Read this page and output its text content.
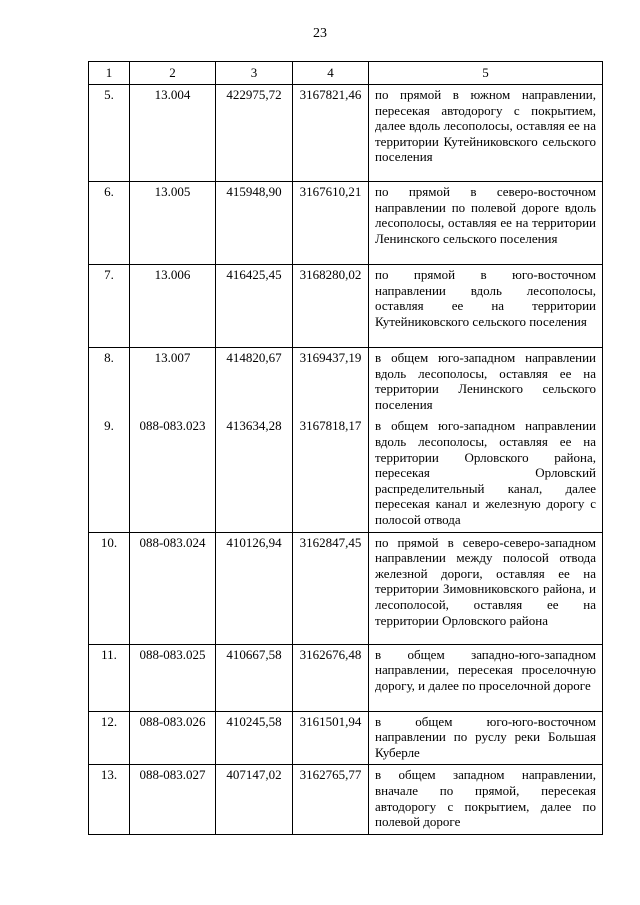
23
1	2	3	4	5
5.	13.004	422975,72	3167821,46	по прямой в южном направлении, пересекая автодорогу с покрытием, далее вдоль лесополосы, оставляя ее на территории Кутейниковского сельского поселения
6.	13.005	415948,90	3167610,21	по прямой в северо-восточном направлении по полевой дороге вдоль лесополосы, оставляя ее на территории Ленинского сельского поселения
7.	13.006	416425,45	3168280,02	по прямой в юго-восточном направлении вдоль лесополосы, оставляя ее на территории Кутейниковского сельского поселения
8.	13.007	414820,67	3169437,19	в общем юго-западном направлении вдоль лесополосы, оставляя ее на территории Ленинского сельского поселения
9.	088-083.023	413634,28	3167818,17	в общем юго-западном направлении вдоль лесополосы, оставляя ее на территории Орловского района, пересекая Орловский распределительный канал, далее пересекая канал и железную дорогу с полосой отвода
10.	088-083.024	410126,94	3162847,45	по прямой в северо-северо-западном направлении между полосой отвода железной дороги, оставляя ее на территории Зимовниковского района, и лесополосой, оставляя ее на территории Орловского района
11.	088-083.025	410667,58	3162676,48	в общем западно-юго-западном направлении, пересекая проселочную дорогу, и далее по проселочной дороге
12.	088-083.026	410245,58	3161501,94	в общем юго-юго-восточном направлении по руслу реки Большая Куберле
13.	088-083.027	407147,02	3162765,77	в общем западном направлении, вначале по прямой, пересекая автодорогу с покрытием, далее по полевой дороге
